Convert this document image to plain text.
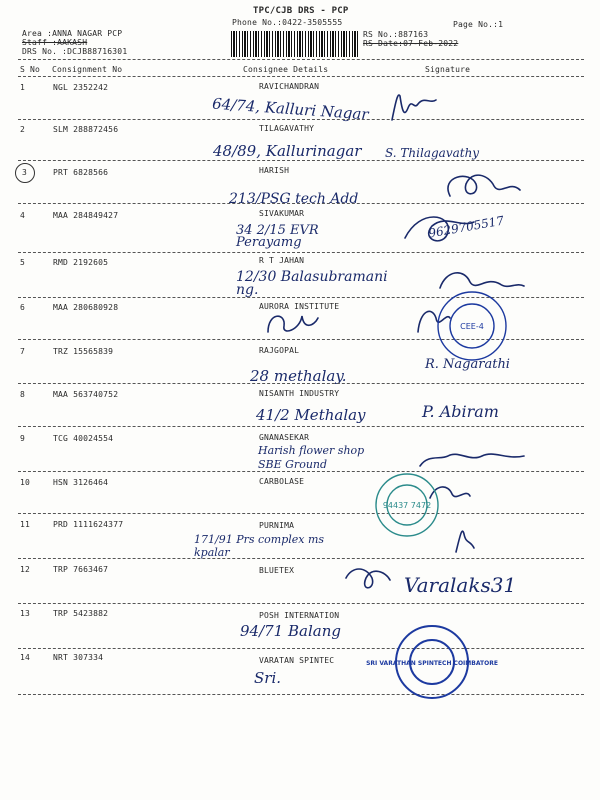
TPC/CJB DRS - PCP
Phone No.:0422-3505555	Page No.:1
Area :ANNA NAGAR PCP
Staff :AAKASH
DRS No. :DCJB88716301
RS No.:887163
RS Date:07-Feb-2022
S No Consignment No	Consignee Details	Signature
1	NGL 2352242	RAVICHANDRAN
64/74, Kalluri Nagar
2	SLM 288872456	TILAGAVATHY
48/89, Kallurinagar S. Thilagavathy
3	PRT 6828566	HARISH
213/PSG tech Add
4	MAA 284849427	SIVAKUMAR
34 2/15 EVR Perayamg
9629705517
5	RMD 2192605	R T JAHAN
12/30 Balasubramani ng.
6	MAA 280680928	AURORA INSTITUTE
7	TRZ 15565839	RAJGOPAL
28 methalay.
R. Nagarathi
8	MAA 563740752	NISANTH INDUSTRY
41/2 Methalay	P. Abiram
9	TCG 40024554	GNANASEKAR
Harish flower shop SBE Ground
10	HSN 3126464	CARBOLASE
11	PRD 1111624377	PURNIMA
171/91 Prs complex ms kpalar
12	TRP 7663467	BLUETEX
Varalaks31
13	TRP 5423882	POSH INTERNATION
94/71 Balang
14	NRT 307334	VARATAN SPINTEC
Sri.
CEE-4
94437 7472
SRI VARATHAN SPINTECH COIMBATORE
